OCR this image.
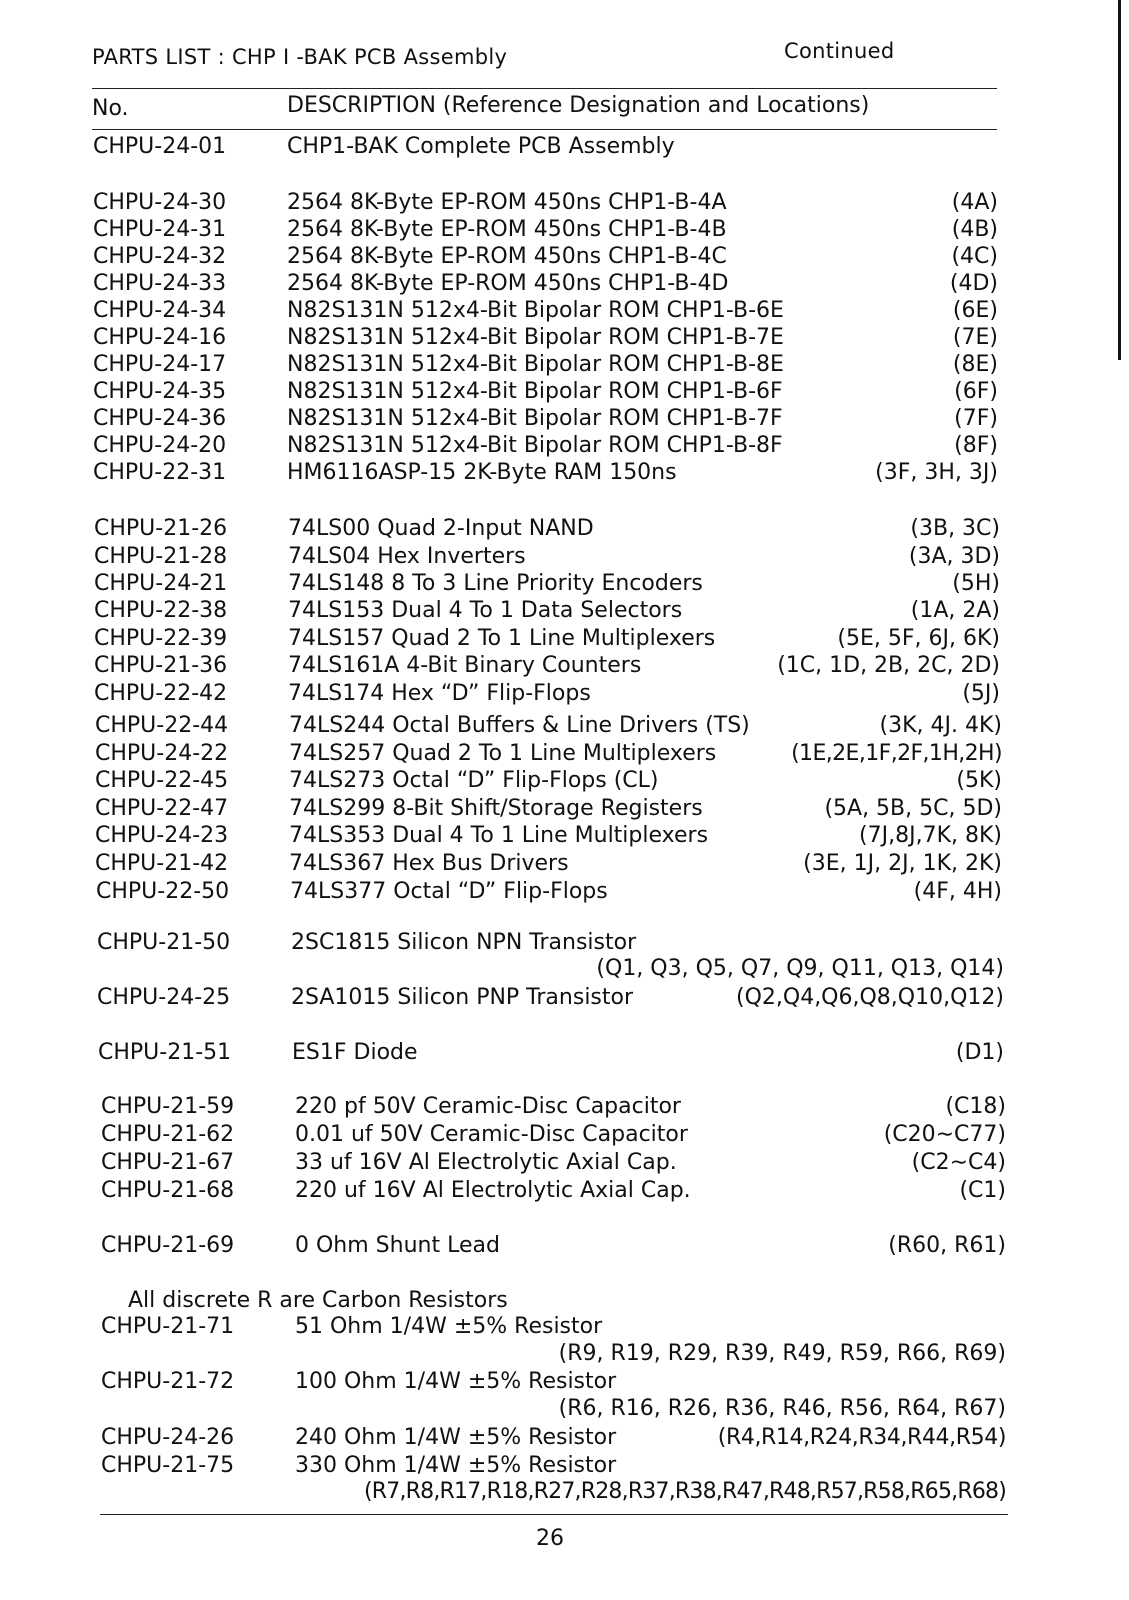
PARTS LIST : CHP I -BAK PCB Assembly	Continued
No.	DESCRIPTION (Reference Designation and Locations)
CHPU-24-01	CHP1-BAK Complete PCB Assembly
CHPU-24-30	2564 8K-Byte EP-ROM 450ns CHP1-B-4A	(4A)
CHPU-24-31	2564 8K-Byte EP-ROM 450ns CHP1-B-4B	(4B)
CHPU-24-32	2564 8K-Byte EP-ROM 450ns CHP1-B-4C	(4C)
CHPU-24-33	2564 8K-Byte EP-ROM 450ns CHP1-B-4D	(4D)
CHPU-24-34	N82S131N 512x4-Bit Bipolar ROM CHP1-B-6E	(6E)
CHPU-24-16	N82S131N 512x4-Bit Bipolar ROM CHP1-B-7E	(7E)
CHPU-24-17	N82S131N 512x4-Bit Bipolar ROM CHP1-B-8E	(8E)
CHPU-24-35	N82S131N 512x4-Bit Bipolar ROM CHP1-B-6F	(6F)
CHPU-24-36	N82S131N 512x4-Bit Bipolar ROM CHP1-B-7F	(7F)
CHPU-24-20	N82S131N 512x4-Bit Bipolar ROM CHP1-B-8F	(8F)
CHPU-22-31	HM6116ASP-15 2K-Byte RAM 150ns	(3F, 3H, 3J)
CHPU-21-26	74LS00 Quad 2-Input NAND	(3B, 3C)
CHPU-21-28	74LS04 Hex Inverters	(3A, 3D)
CHPU-24-21	74LS148 8 To 3 Line Priority Encoders	(5H)
CHPU-22-38	74LS153 Dual 4 To 1 Data Selectors	(1A, 2A)
CHPU-22-39	74LS157 Quad 2 To 1 Line Multiplexers	(5E, 5F, 6J, 6K)
CHPU-21-36	74LS161A 4-Bit Binary Counters	(1C, 1D, 2B, 2C, 2D)
CHPU-22-42	74LS174 Hex “D” Flip-Flops	(5J)
CHPU-22-44	74LS244 Octal Buffers & Line Drivers (TS)	(3K, 4J. 4K)
CHPU-24-22	74LS257 Quad 2 To 1 Line Multiplexers	(1E,2E,1F,2F,1H,2H)
CHPU-22-45	74LS273 Octal “D” Flip-Flops (CL)	(5K)
CHPU-22-47	74LS299 8-Bit Shift/Storage Registers	(5A, 5B, 5C, 5D)
CHPU-24-23	74LS353 Dual 4 To 1 Line Multiplexers	(7J,8J,7K, 8K)
CHPU-21-42	74LS367 Hex Bus Drivers	(3E, 1J, 2J, 1K, 2K)
CHPU-22-50	74LS377 Octal “D” Flip-Flops	(4F, 4H)
CHPU-21-50	2SC1815 Silicon NPN Transistor
(Q1, Q3, Q5, Q7, Q9, Q11, Q13, Q14)
CHPU-24-25	2SA1015 Silicon PNP Transistor	(Q2,Q4,Q6,Q8,Q10,Q12)
CHPU-21-51	ES1F Diode	(D1)
CHPU-21-59	220 pf 50V Ceramic-Disc Capacitor	(C18)
CHPU-21-62	0.01 uf 50V Ceramic-Disc Capacitor	(C20∼C77)
CHPU-21-67	33 uf 16V Al Electrolytic Axial Cap.	(C2∼C4)
CHPU-21-68	220 uf 16V Al Electrolytic Axial Cap.	(C1)
CHPU-21-69	0 Ohm Shunt Lead	(R60, R61)
All discrete R are Carbon Resistors
CHPU-21-71	51 Ohm 1/4W ±5% Resistor
(R9, R19, R29, R39, R49, R59, R66, R69)
CHPU-21-72	100 Ohm 1/4W ±5% Resistor
(R6, R16, R26, R36, R46, R56, R64, R67)
CHPU-24-26	240 Ohm 1/4W ±5% Resistor	(R4,R14,R24,R34,R44,R54)
CHPU-21-75	330 Ohm 1/4W ±5% Resistor
(R7,R8,R17,R18,R27,R28,R37,R38,R47,R48,R57,R58,R65,R68)
26
